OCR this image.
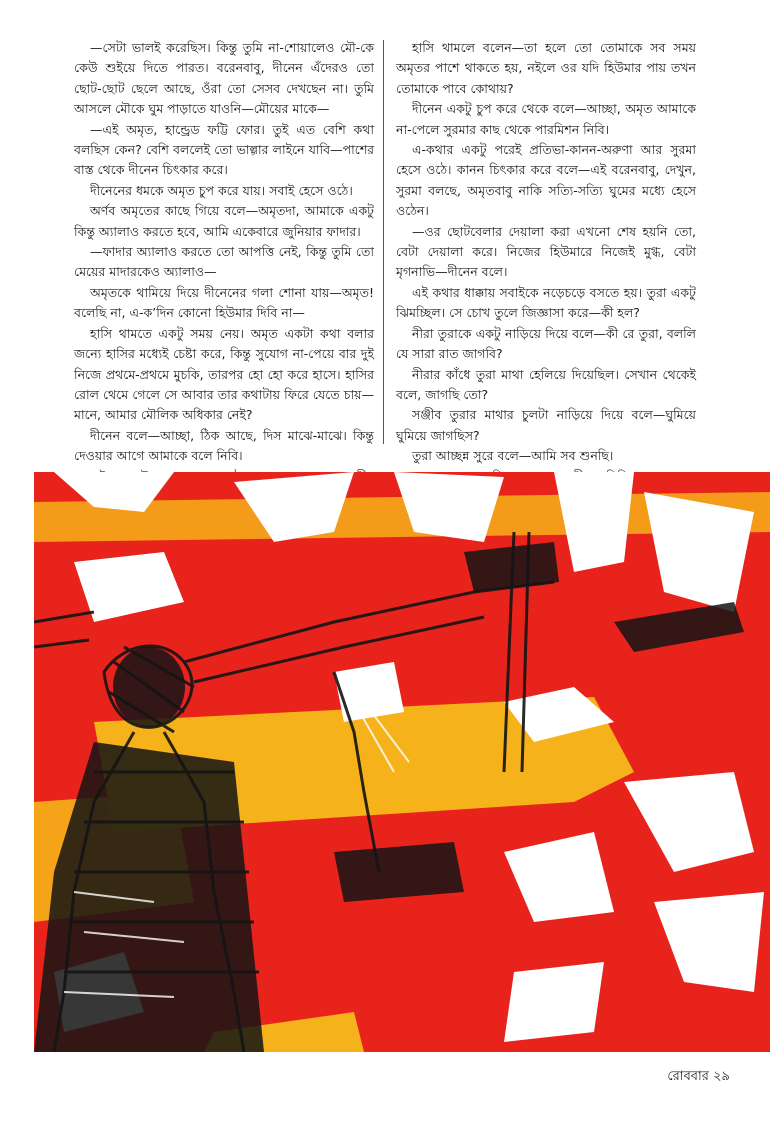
—সেটা ভালই করেছিস। কিন্তু তুমি না-শোয়ালেও মৌ-কে কেউ শুইয়ে দিতে পারত। বরেনবাবু, দীনেন এঁদেরও তো ছোট-ছোট ছেলে আছে, ওঁরা তো সেসব দেখছেন না। তুমি আসলে মৌকে ঘুম পাড়াতে যাওনি—মৌয়ের মাকে—

—এই অমৃত, হান্ড্রেড ফট্টি ফোর। তুই এত বেশি কথা বলছিস কেন? বেশি বললেই তো ভাল্গার লাইনে যাবি—পাশের বাস্ত থেকে দীনেন চিৎকার করে।

দীনেনের ধমকে অমৃত চুপ করে যায়। সবাই হেসে ওঠে।

অর্ণব অমৃতের কাছে গিয়ে বলে—অমৃতদা, আমাকে একটু কিন্তু অ্যালাও করতে হবে, আমি একেবারে জুনিয়ার ফাদার।

—ফাদার অ্যালাও করতে তো আপত্তি নেই, কিন্তু তুমি তো মেয়ের মাদারকেও অ্যালাও—

অমৃতকে থামিয়ে দিয়ে দীনেনের গলা শোনা যায়—অমৃত! বলেছি না, এ-ক’দিন কোনো হিউমার দিবি না—

হাসি থামতে একটু সময় নেয়। অমৃত একটা কথা বলার জন্যে হাসির মধ্যেই চেষ্টা করে, কিন্তু সুযোগ না-পেয়ে বার দুই নিজে প্রথমে-প্রথমে মুচকি, তারপর হো হো করে হাসে। হাসির রোল থেমে গেলে সে আবার তার কথাটায় ফিরে যেতে চায়—মানে, আমার মৌলিক অধিকার নেই?

দীনেন বলে—আচ্ছা, ঠিক আছে, দিস মাঝে-মাঝে। কিন্তু দেওয়ার আগে আমাকে বলে নিবি।

হাসি থামলে বলেন—তা হলে তো তোমাকে সব সময় অমৃতর পাশে থাকতে হয়, নইলে ওর যদি হিউমার পায় তখন তোমাকে পাবে কোথায়?

দীনেন একটু চুপ করে থেকে বলে—আচ্ছা, অমৃত আমাকে না-পেলে সুরমার কাছ থেকে পারমিশন নিবি।

এ-কথার একটু পরেই প্রতিভা-কানন-অরুণা আর সুরমা হেসে ওঠে। কানন চিৎকার করে বলে—এই বরেনবাবু, দেখুন, সুরমা বলছে, অমৃতবাবু নাকি সত্যি-সত্যি ঘুমের মধ্যে হেসে ওঠেন।

—ওর ছোটবেলার দেয়ালা করা এখনো শেষ হয়নি তো, বেটা দেয়ালা করে। নিজের হিউমারে নিজেই মুগ্ধ, বেটা মৃগনাভি—দীনেন বলে।

এই কথার ধাক্কায় সবাইকে নড়েচড়ে বসতে হয়। তুরা একটু ঝিমচ্ছিল। সে চোখ তুলে জিজ্ঞাসা করে—কী হল?

নীরা তুরাকে একটু নাড়িয়ে দিয়ে বলে—কী রে তুরা, বললি যে সারা রাত জাগবি?

নীরার কাঁধে তুরা মাথা হেলিয়ে দিয়েছিল। সেখান থেকেই বলে, জাগছি তো?

সঞ্জীব তুরার মাথার চুলটা নাড়িয়ে দিয়ে বলে—ঘুমিয়ে ঘুমিয়ে জাগছিস?

তুরা আচ্ছন্ন সুরে বলে—আমি সব শুনছি।

রোববার ২৯
